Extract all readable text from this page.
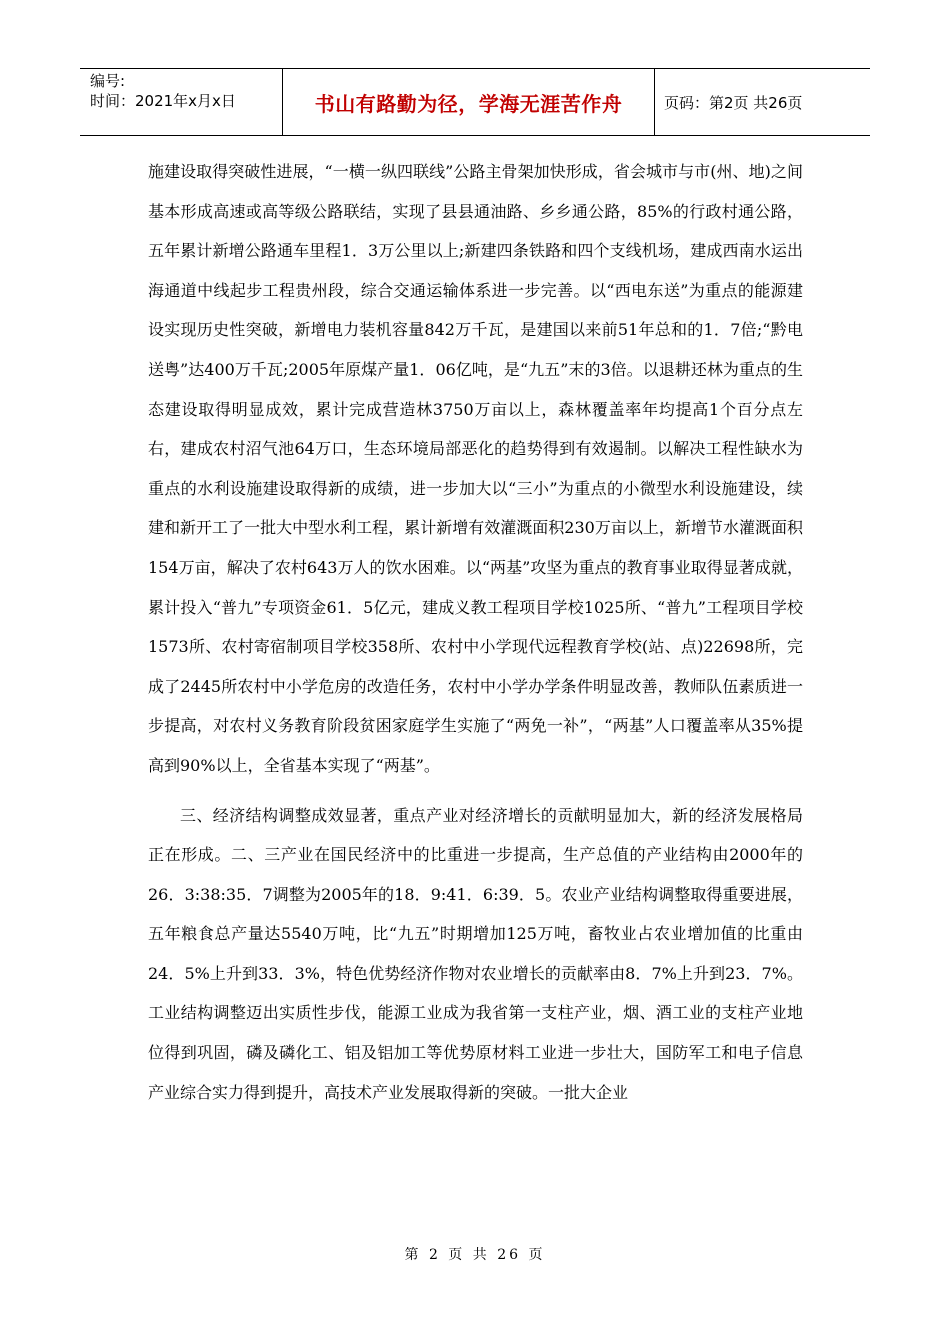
编号:
时间：2021年x月x日	书山有路勤为径，学海无涯苦作舟	页码：第2页 共26页

施建设取得突破性进展，“一横一纵四联线”公路主骨架加快形成，省会城市与市(州、地)之间基本形成高速或高等级公路联结，实现了县县通油路、乡乡通公路，85%的行政村通公路，五年累计新增公路通车里程1．3万公里以上;新建四条铁路和四个支线机场，建成西南水运出海通道中线起步工程贵州段，综合交通运输体系进一步完善。以“西电东送”为重点的能源建设实现历史性突破，新增电力装机容量842万千瓦，是建国以来前51年总和的1．7倍;“黔电送粤”达400万千瓦;2005年原煤产量1．06亿吨，是“九五”末的3倍。以退耕还林为重点的生态建设取得明显成效，累计完成营造林3750万亩以上，森林覆盖率年均提高1个百分点左右，建成农村沼气池64万口，生态环境局部恶化的趋势得到有效遏制。以解决工程性缺水为重点的水利设施建设取得新的成绩，进一步加大以“三小”为重点的小微型水利设施建设，续建和新开工了一批大中型水利工程，累计新增有效灌溉面积230万亩以上，新增节水灌溉面积154万亩，解决了农村643万人的饮水困难。以“两基”攻坚为重点的教育事业取得显著成就，累计投入“普九”专项资金61．5亿元，建成义教工程项目学校1025所、“普九”工程项目学校1573所、农村寄宿制项目学校358所、农村中小学现代远程教育学校(站、点)22698所，完成了2445所农村中小学危房的改造任务，农村中小学办学条件明显改善，教师队伍素质进一步提高，对农村义务教育阶段贫困家庭学生实施了“两免一补”，“两基”人口覆盖率从35%提高到90%以上，全省基本实现了“两基”。

三、经济结构调整成效显著，重点产业对经济增长的贡献明显加大，新的经济发展格局正在形成。二、三产业在国民经济中的比重进一步提高，生产总值的产业结构由2000年的26．3:38:35．7调整为2005年的18．9:41．6:39．5。农业产业结构调整取得重要进展，五年粮食总产量达5540万吨，比“九五”时期增加125万吨，畜牧业占农业增加值的比重由24．5%上升到33．3%，特色优势经济作物对农业增长的贡献率由8．7%上升到23．7%。工业结构调整迈出实质性步伐，能源工业成为我省第一支柱产业，烟、酒工业的支柱产业地位得到巩固，磷及磷化工、铝及铝加工等优势原材料工业进一步壮大，国防军工和电子信息产业综合实力得到提升，高技术产业发展取得新的突破。一批大企业

第 2 页 共 26 页
